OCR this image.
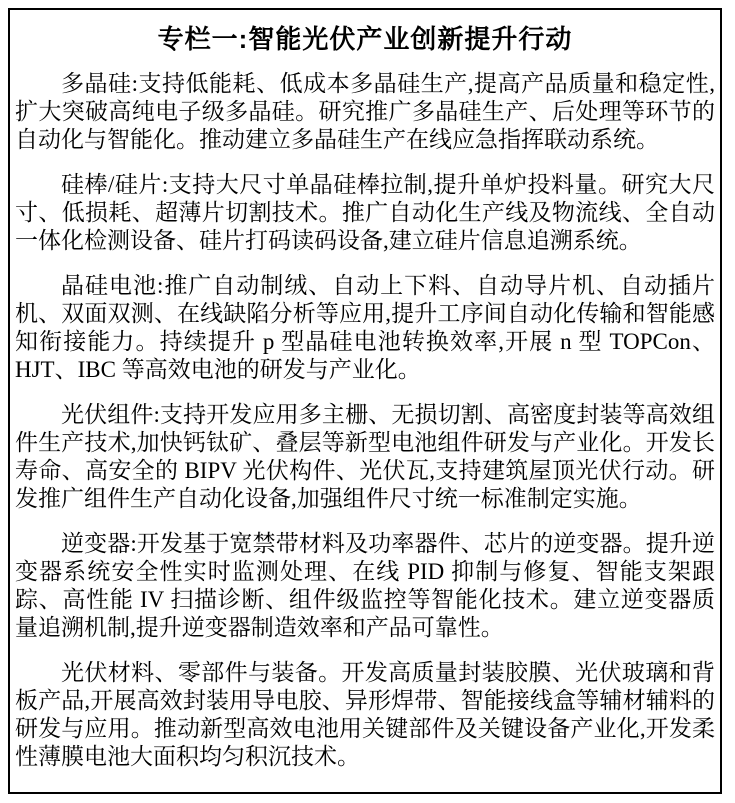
专栏一:智能光伏产业创新提升行动

多晶硅:支持低能耗、低成本多晶硅生产,提高产品质量和稳定性,扩大突破高纯电子级多晶硅。研究推广多晶硅生产、后处理等环节的自动化与智能化。推动建立多晶硅生产在线应急指挥联动系统。

硅棒/硅片:支持大尺寸单晶硅棒拉制,提升单炉投料量。研究大尺寸、低损耗、超薄片切割技术。推广自动化生产线及物流线、全自动一体化检测设备、硅片打码读码设备,建立硅片信息追溯系统。

晶硅电池:推广自动制绒、自动上下料、自动导片机、自动插片机、双面双测、在线缺陷分析等应用,提升工序间自动化传输和智能感知衔接能力。持续提升 p 型晶硅电池转换效率,开展 n 型 TOPCon、HJT、IBC 等高效电池的研发与产业化。

光伏组件:支持开发应用多主栅、无损切割、高密度封装等高效组件生产技术,加快钙钛矿、叠层等新型电池组件研发与产业化。开发长寿命、高安全的 BIPV 光伏构件、光伏瓦,支持建筑屋顶光伏行动。研发推广组件生产自动化设备,加强组件尺寸统一标准制定实施。

逆变器:开发基于宽禁带材料及功率器件、芯片的逆变器。提升逆变器系统安全性实时监测处理、在线 PID 抑制与修复、智能支架跟踪、高性能 IV 扫描诊断、组件级监控等智能化技术。建立逆变器质量追溯机制,提升逆变器制造效率和产品可靠性。

光伏材料、零部件与装备。开发高质量封装胶膜、光伏玻璃和背板产品,开展高效封装用导电胶、异形焊带、智能接线盒等辅材辅料的研发与应用。推动新型高效电池用关键部件及关键设备产业化,开发柔性薄膜电池大面积均匀积沉技术。
